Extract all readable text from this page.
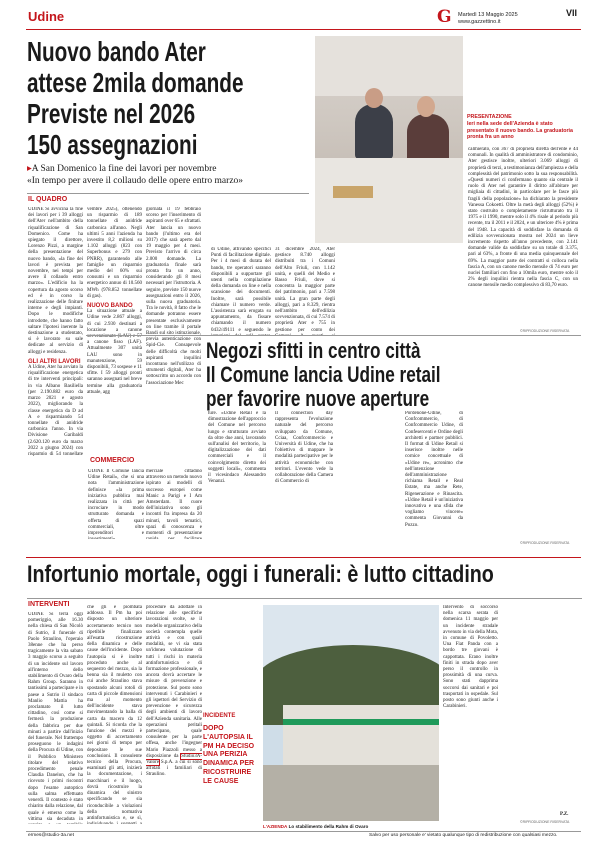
Udine	G Martedì 13 Maggio 2025
www.gazzettino.it
VII
Nuovo bando Ater
attese 2mila domande
Previste nel 2026
150 assegnazioni
▸A San Domenico la fine dei lavori per novembre
«In tempo per avere il collaudo delle opere entro marzo»
PRESENTAZIONE
Ieri nella sede dell'Azienda è stato presentato il nuovo bando. La graduatoria pronta fra un anno
IL QUADRO
UDINE Si avvicina la fine dei lavori per i 39 alloggi dell'Ater nell'ambito della riqualificazione di San Domenico. Come ha spiegato il direttore, Lorenzo Pizzi, a margine della presentazione del nuovo bando, «la fine dei lavori è prevista per novembre, nei tempi per avere il collaudo entro marzo». L'edificio ha la copertura da agosto scorso ed è in corso la realizzazione delle finiture interne e degli impianti. Dopo le modifiche introdotte, che hanno fatto saltare l'ipotesi inerente la destinazione a studentato, si è lavorato su sale dedicate al servizio di alloggi e residenza.
GLI ALTRI LAVORI
A Udine, Ater ha avviato la riqualificazione energetica di tre interventi principali: in via Albano Basiliella (per 2.190.882 euro da marzo 2021 e agosto 2022), migliorando la classe energetica da D ad A e risparmiando 54 tonnellate di anidride carbonica l'anno. In via Divisione Garibaldi (2.620.120 euro da marzo 2022 a giugno 2024) con risparmio di 54 tonnellate
vembre 2025), ottenendo un risparmio di 189 tonnellate di anidride carbonica all'anno. Negli ultimi 5 anni l'azienda ha investito 8,2 milioni su 1.102 alloggi (823 con Superbonus e 279 con PNRR), garantendo alle famiglie un risparmio medio del 60% sui consumi e un risparmio energetico annuo di 10.560 MWh (978.852 tonnellate di gas).
NUOVO BANDO
La situazione attuale a Udine vede 2.867 alloggi, di cui 2.930 destinati a locazione a canone sovvenzionato (LAU) e 57 a canone fisso (LAF). Attualmente 307 unità LAU sono in manutenzione, 59 disponibili, 73 sospese e 11 sfitte. I 59 alloggi pronti saranno assegnati nel breve termine alla graduatoria attuale, agg
giornata il 19 febbraio scorso per l'inserimento di aspiranti over 65 e sfrattati. Ater lancia un nuovo bando (l'ultimo era del 2017) che sarà aperto dal 19 maggio per 4 mesi. Previsto l'arrivo di circa 2.000 domande. La graduatoria finale sarà pronta fra un anno, considerando gli 8 mesi necessari per l'istruttoria. A seguire, previste 150 nuove assegnazioni entro il 2026, sulla nuova graduatoria. Tra le novità, 8 fatto che le domande potranno essere presentate esclusivamente on line tramite il portale Bandi sul sito istituzionale, previa autenticazione con Spid-Cie. Consapevole delle difficoltà che molti aspiranti inquilini incontrano nell'utilizzo di strumenti digitali, Ater ha sottoscritto un accordo con l'associazione Mec
di Udine, attivando specifici Punti di facilitazione digitale. Per i 4 mesi di durata del bando, tre operatori saranno disponibili a supportare gli utenti nella compilazione della domanda on line e nella scansione dei documenti. Inoltre, sarà possibile chiamare il numero verde. L'assistenza sarà erogata su appuntamento, da fissare chiamando il numero 0432/49111 e seguendo le
31 dicembre 2024, Ater gestisce 8.740 alloggi distribuiti tra i Comuni dell'Alto Friuli, con 1.142 unità, e quelli del Medio e Basso Friuli, dove si concentra la maggior parte del patrimonio, pari a 7.598 unità. La gran parte degli alloggi, pari a 8.329, rientra nell'ambito dell'edilizia sovvenzionata, di cui 7.574 di proprietà Ater e 755 in gestione per conto dei
calmierato, con 367 di proprietà diretta dell'ente e 44 comunali. In qualità di amministratore di condominio, Ater gestisce inoltre, ulteriori 3.069 alloggi di proprietà di terzi, a testimonianza dell'ampiezza e della complessità del patrimonio sotto la sua responsabilità. «Questi numeri ci confermano quanto sia centrale il ruolo di Ater nel garantire il diritto all'abitare per migliaia di cittadini, in particolare per le fasce più fragili della popolazione» ha dichiarato la presidente Vanessa Cokoetti. Oltre la metà degli alloggi (52%) è stato costruito o completamente ristrutturato tra il 1975 e il 1990, mentre solo il 4% risale al periodo più recente, tra il 2011 e il 2024, e un ulteriore 4% è prima del 1948. La capacità di soddisfare la domanda di edilizia sovvenzionata mostra nel 2024 un lieve incremento rispetto all'anno precedente, con 2.141 domande valide da soddisfare su un totale di 3.375, pari al 63%, a fronte di una media quinquennale del 69%. La maggior parte dei contratti si colloca nella fascia A, con un canone medio mensile di 74 euro per nuclei familiari con fino a 10mila euro, mentre solo il 2% degli inquilini rientra nella fascia C, con un canone mensile medio complessivo di 83,70 euro.
©RIPRODUZIONE RISERVATA
COMMERCIO
Negozi sfitti in centro città
Il Comune lancia Udine retail
per favorire nuove aperture
UDINE Il Comune lancia Udine Retail», che si una nota l'amministrazione definisce «la prima iniziativa pubblica mai realizzata in città per incrociare in modo strutturato domanda e offerta di spazi commerciali, oltre imprenditori e
merciale cittadino attraverso un metodo nuovo ispirato ai modelli di successo europei come Manic a Parigi e I Am Amsterdam. Il cuore dell'iniziativa sono gli incontri fra impresa da 20 minuti, tavoli tematici, spazi di conoscenza e momenti di presentazione
ture. «Udine Retail è la dimostrazione dell'approccio del Comune nel percorso lungo e strutturato avviato da oltre due anni, lavorando sull'analisi del territorio, la digitalizzazione dei dati commerciali e il coinvolgimento diretto dei soggetti locali», commenta il vicesindaco Alessandro Venanzi.
Il connection day rappresenta l'evoluzione naturale del percorso sviluppato da Comune, Cciaa, Confcommercio e Università di Udine, che ha l'obiettivo di mappare le modalità partecipative per le attività economiche con territori. L'evento vede la collaborazione della Camera di Commercio di
Pordenone-Udine, di Confcommercio, di Confcommercio Udine, di Confesercenti e Ordine degli architetti e partner pubblici. Il format di Udine Retail si inserisce inoltre nelle cornice concettuale di «Udine re», acronimo che nell'intenzione dell'amministrazione richiama Retail e Real Estate, ma anche Rete, Rigenerazione e Rinascita. «Udine Retail è un'iniziativa innovativa e una sfida che vogliamo vincere» commenta Giovanni da Pozzo.
©RIPRODUZIONE RISERVATA
Infortunio mortale, oggi i funerali: è lutto cittadino
INTERVENTI
UDINE Si terrà oggi pomeriggio, alle 16.30 nella chiesa di San Nicolò di Sutrio, il funerale di Paolo Straulino, l'operaio 38enne che ha perso tragicamente la vita sabato 3 maggio scorso a seguito di un incidente sul lavoro all'interno dello stabilimento di Ovaro della Rahm Group. Saranno in tantissimi a partecipare e in paese a Sutrio il sindaco Manlio Mattia ha proclamato il lutto cittadino, così come si fermerà la produzione della fabbrica per due minuti a partire dall'inizio del funerale. Nel frattempo proseguono le indagini della Procura di Udine, con il Pubblico Ministero titolare del relativo procedimento penale Claudia Danelon, che ha ricevuto i primi riscontri dopo l'esame autoptico sulla salma effettuato venerdì. Il contesto è stato chiarito dalla relazione, dal quale è emerso come la vittima sia decaduta in
che gli è piombata addosso. Il Pm ha poi disposto un ulteriore accertamento tecnico non ripetibile finalizzato all'esatta ricostruzione della dinamica e delle cause dell'incidente. Dopo l'autopsia si è inoltre proceduto anche al sequestro del mezzo, sia la benna sia il muletto con cui anche Straulino stava spostando alcuni rotoli di carta di piccole dimensioni ma al momento dell'incidente stava movimentando la balla di carta da macero da 12 quintali. Si ricorda che la funzione dei mezzi è oggetto di accertamento nei giorni di tempo per depositare le sue conclusioni. Il consulente tecnico della Procura, esaminati gli atti, inizierà la documentazione, i macchinari e il luogo, dovrà ricostruire la dinamica del sinistro specificando se sia riconducibile a violazioni della normativa antinfortunistica e, se sì,
procedure da adottare in relazione alle specifiche lavorazioni svolte, se il modello organizzativo della società contempla quelle attività e con quali modalità, se vi sia stata un'idonea valutazione di tutti i rischi in materia antinfortunistica e di formazione professionale, e ancora dovrà accertare le misure di prevenzione e protezione. Sul posto sono intervenuti i Carabinieri e gli ispettori del Servizio di prevenzione e sicurezza degli ambienti di lavoro dell'Azienda sanitaria. Alle operazioni peritali partecipano, quale consulente per la parte offesa, anche l'ingegner Mario Piazzoli messo a disposizione da Studio3A-Valore S.p.A. a cui si sono affidati i familiari di Straulino.
INCIDENTE
DOPO L'AUTOPSIA IL PM HA DECISO UNA PERIZIA DINAMICA PER RICOSTRUIRE LE CAUSE
L'AZIENDA Lo stabilimento della Rahm di Ovaro
Intervento di soccorso nella scarsa serata di domenica 11 maggio per un incidente stradale avvenuto in via della Mota, in comune di Povoletto. Una Fiat Panda con a bordo tre giovani è cappottata. Erano inoltre finiti in strada dopo aver perso il controllo in prossimità di una curva. Sono stati dapprima soccorsi dai sanitari e poi trasportati in ospedale. Sul posto sono giunti anche i Carabinieri.
P.Z.
©RIPRODUZIONE RISERVATA
ermes@studio-3a.net	Salvo per uso personale e' vietato qualunque tipo di redistribuzione con qualsiasi mezzo.
